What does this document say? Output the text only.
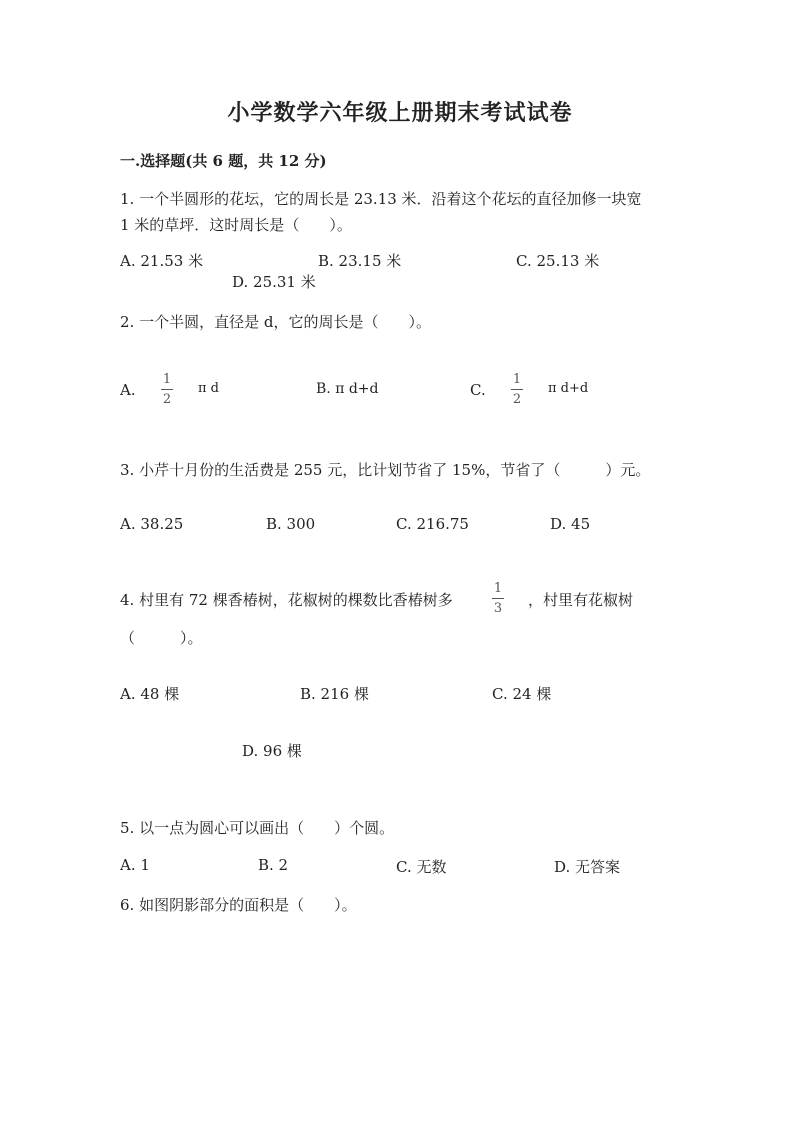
小学数学六年级上册期末考试试卷
一.选择题(共 6 题，共 12 分)
1. 一个半圆形的花坛，它的周长是 23.13 米．沿着这个花坛的直径加修一块宽
1 米的草坪．这时周长是（　　）。
A. 21.53 米	B. 23.15 米	C. 25.13 米
D. 25.31 米
2. 一个半圆，直径是 d，它的周长是（　　）。
A.
1
2
π d	B. π d+d	C.
1
2
π d+d
3. 小芹十月份的生活费是 255 元，比计划节省了 15%，节省了（　　　）元。
A. 38.25	B. 300	C. 216.75	D. 45
4. 村里有 72 棵香椿树，花椒树的棵数比香椿树多
1
3 ，村里有花椒树
（　　　）。
A. 48 棵	B. 216 棵	C. 24 棵
D. 96 棵
5. 以一点为圆心可以画出（　　）个圆。
A. 1	B. 2	C. 无数	D. 无答案
6. 如图阴影部分的面积是（　　）。
